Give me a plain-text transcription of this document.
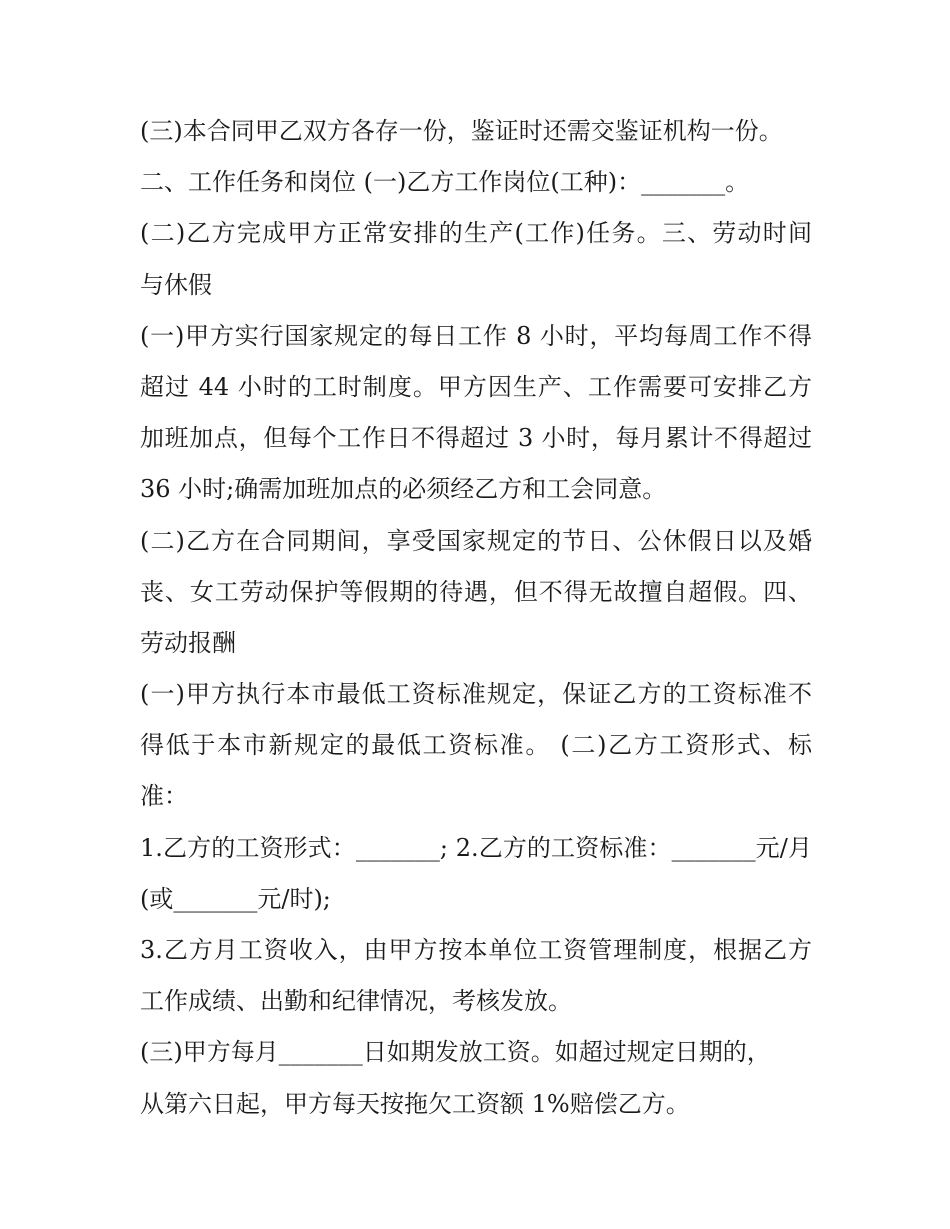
(三)本合同甲乙双方各存一份，鉴证时还需交鉴证机构一份。
二、工作任务和岗位 (一)乙方工作岗位(工种)：_______。
(二)乙方完成甲方正常安排的生产(工作)任务。三、劳动时间
与休假
(一)甲方实行国家规定的每日工作 8 小时，平均每周工作不得
超过 44 小时的工时制度。甲方因生产、工作需要可安排乙方
加班加点，但每个工作日不得超过 3 小时，每月累计不得超过
36 小时;确需加班加点的必须经乙方和工会同意。
(二)乙方在合同期间，享受国家规定的节日、公休假日以及婚
丧、女工劳动保护等假期的待遇，但不得无故擅自超假。四、
劳动报酬
(一)甲方执行本市最低工资标准规定，保证乙方的工资标准不
得低于本市新规定的最低工资标准。 (二)乙方工资形式、标
准：
1.乙方的工资形式：_______; 2.乙方的工资标准：_______元/月
(或_______元/时);
3.乙方月工资收入，由甲方按本单位工资管理制度，根据乙方
工作成绩、出勤和纪律情况，考核发放。
(三)甲方每月_______日如期发放工资。如超过规定日期的，
从第六日起，甲方每天按拖欠工资额 1%赔偿乙方。
